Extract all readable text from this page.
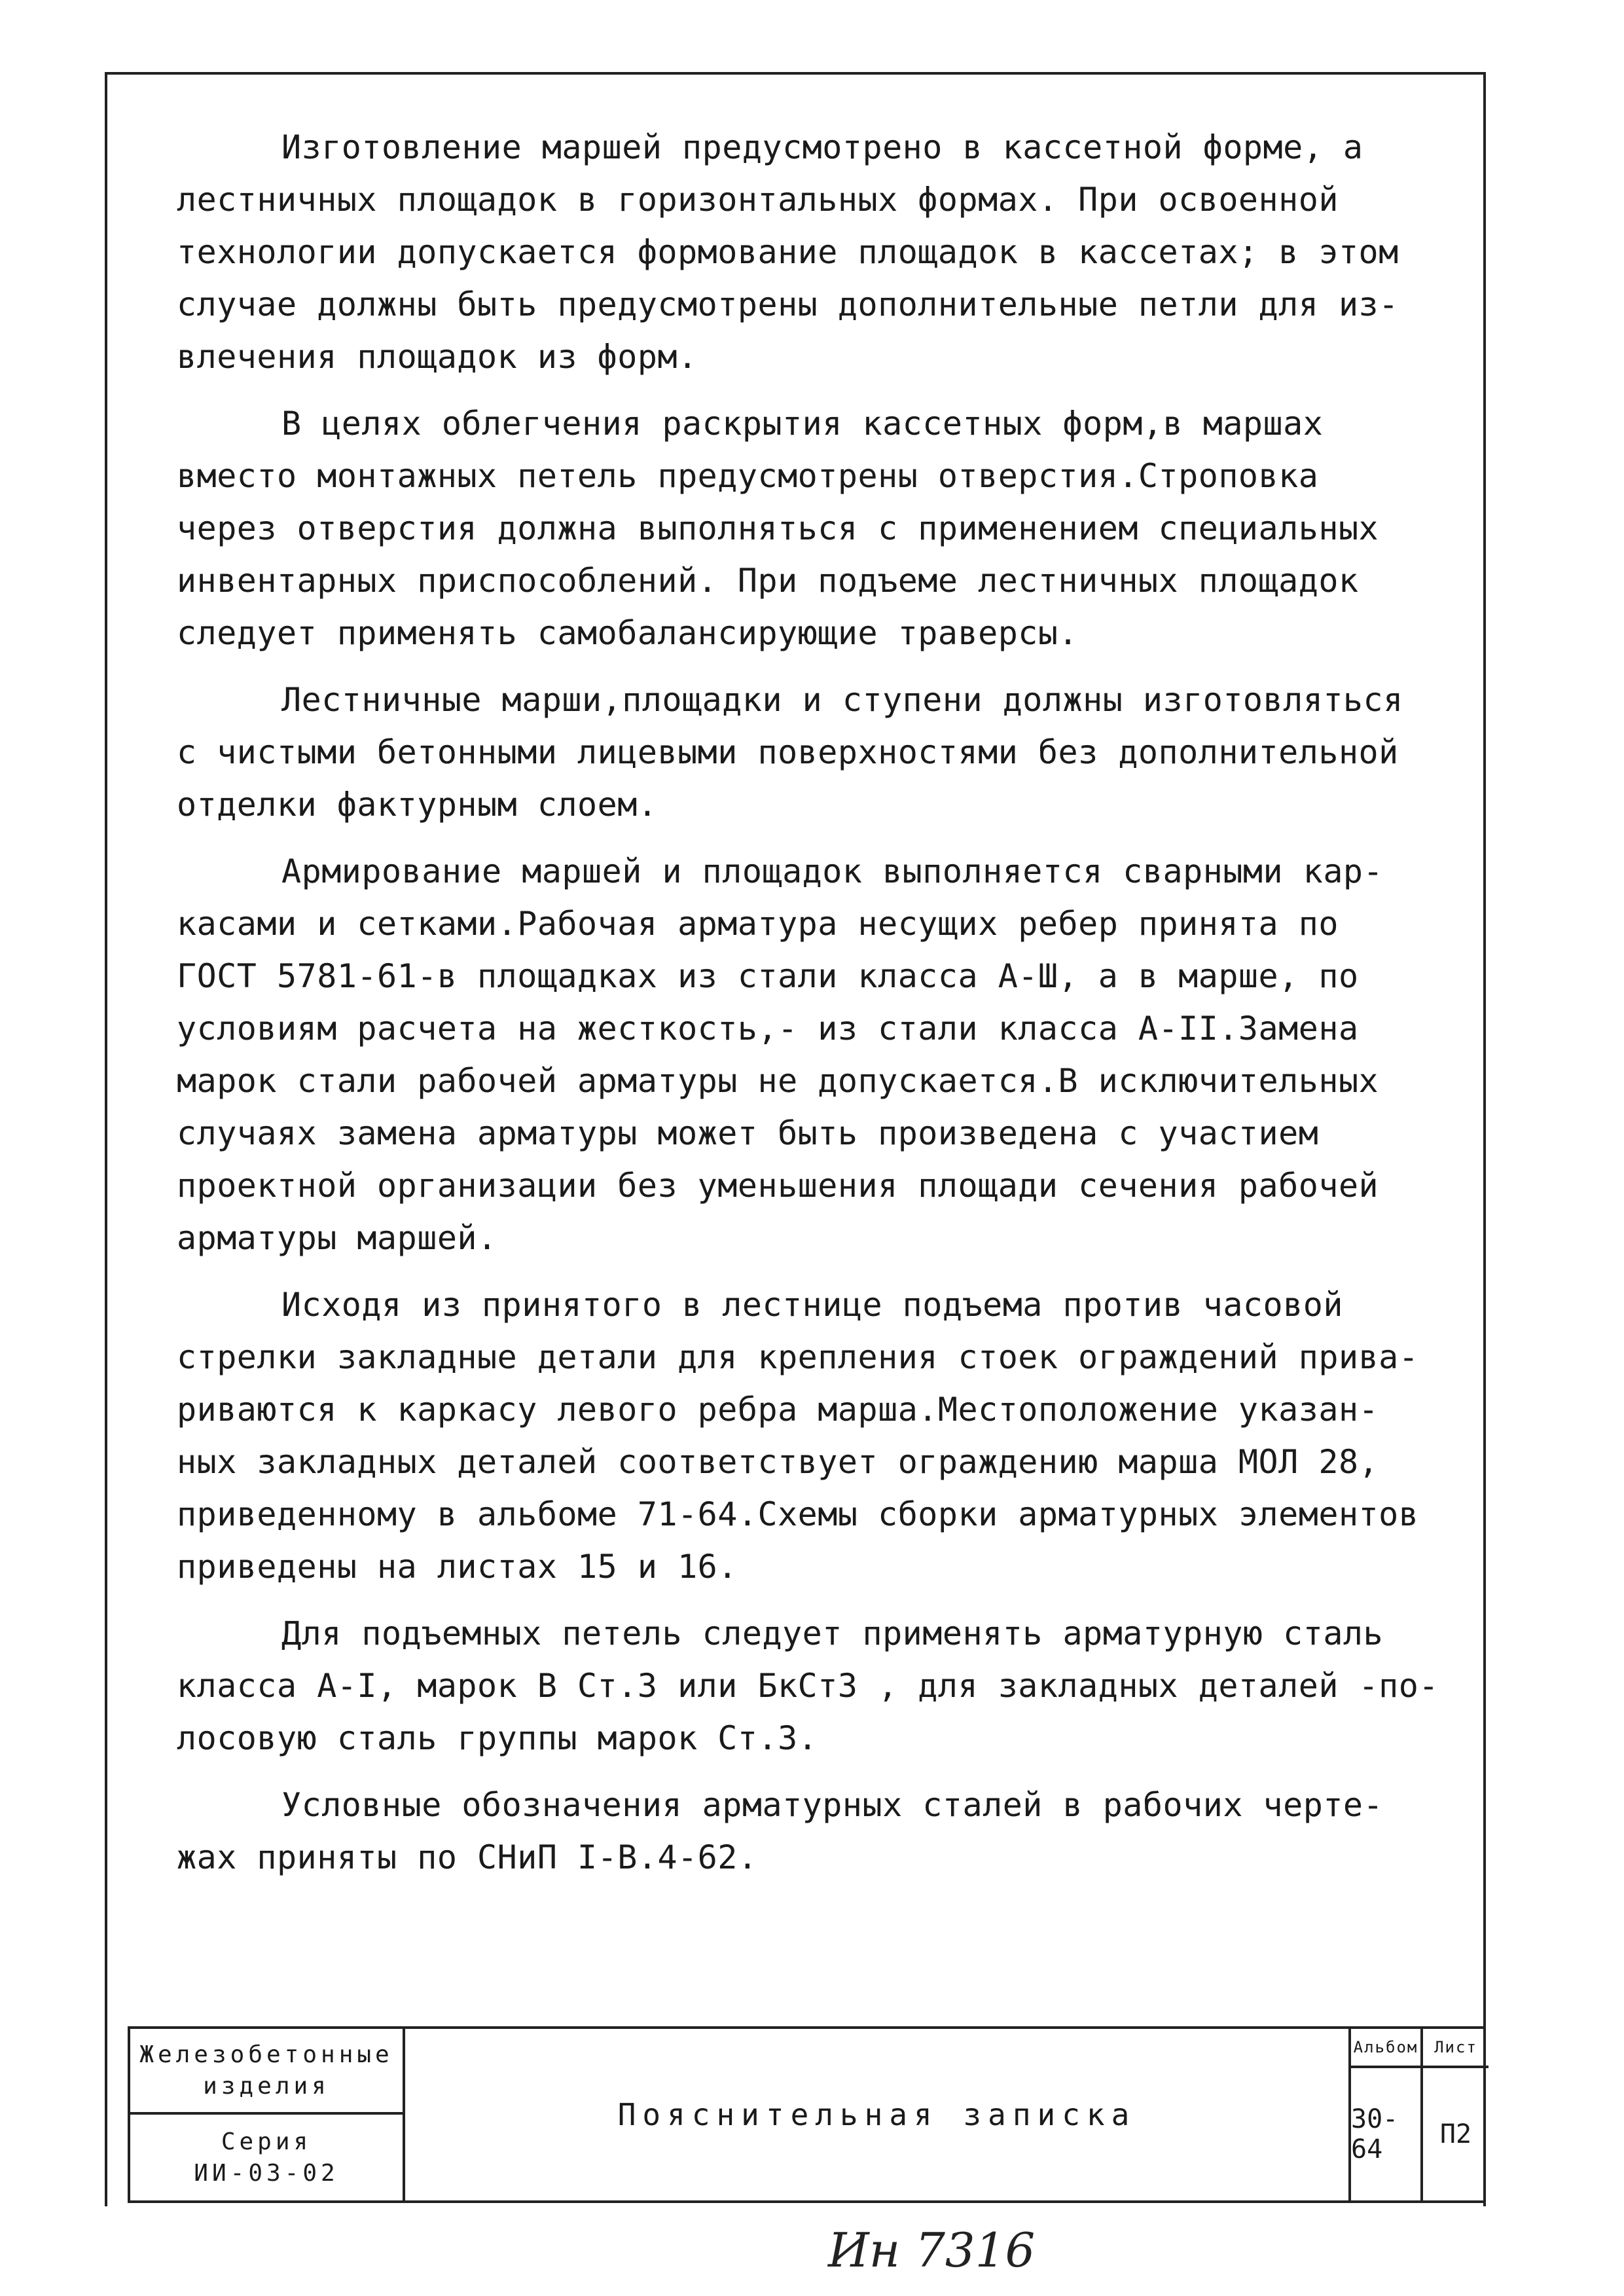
Изготовление маршей предусмотрено в кассетной форме, а
лестничных площадок в горизонтальных формах. При освоенной
технологии допускается формование площадок в кассетах; в этом
случае должны быть предусмотрены дополнительные петли для из-
влечения площадок из форм.
В целях облегчения раскрытия кассетных форм,в маршах
вместо монтажных петель предусмотрены отверстия.Строповка
через отверстия должна выполняться с применением специальных
инвентарных приспособлений. При подъеме лестничных площадок
следует применять самобалансирующие траверсы.
Лестничные марши,площадки и ступени должны изготовляться
с чистыми бетонными лицевыми поверхностями без дополнительной
отделки фактурным слоем.
Армирование маршей и площадок выполняется сварными кар-
касами и сетками.Рабочая арматура несущих ребер принята по
ГОСТ 5781-61-в площадках из стали класса А-Ш, а в марше, по
условиям расчета на жесткость,- из стали класса А-II.Замена
марок стали рабочей арматуры не допускается.В исключительных
случаях замена арматуры может быть произведена с участием
проектной организации без уменьшения площади сечения рабочей
арматуры маршей.
Исходя из принятого в лестнице подъема против часовой
стрелки закладные детали для крепления стоек ограждений прива-
риваются к каркасу левого ребра марша.Местоположение указан-
ных закладных деталей соответствует ограждению марша МОЛ 28,
приведенному в альбоме 71-64.Схемы сборки арматурных элементов
приведены на листах 15 и 16.
Для подъемных петель следует применять арматурную сталь
класса А-I, марок В Ст.3 или БкСт3 , для закладных деталей -по-
лосовую сталь группы марок Ст.3.
Условные обозначения арматурных сталей в рабочих черте-
жах приняты по СНиП I-В.4-62.
Железобетонные
изделия
Серия
ИИ-03-02
Пояснительная записка
Альбом
30-64
Лист
П2
Ин 7316
